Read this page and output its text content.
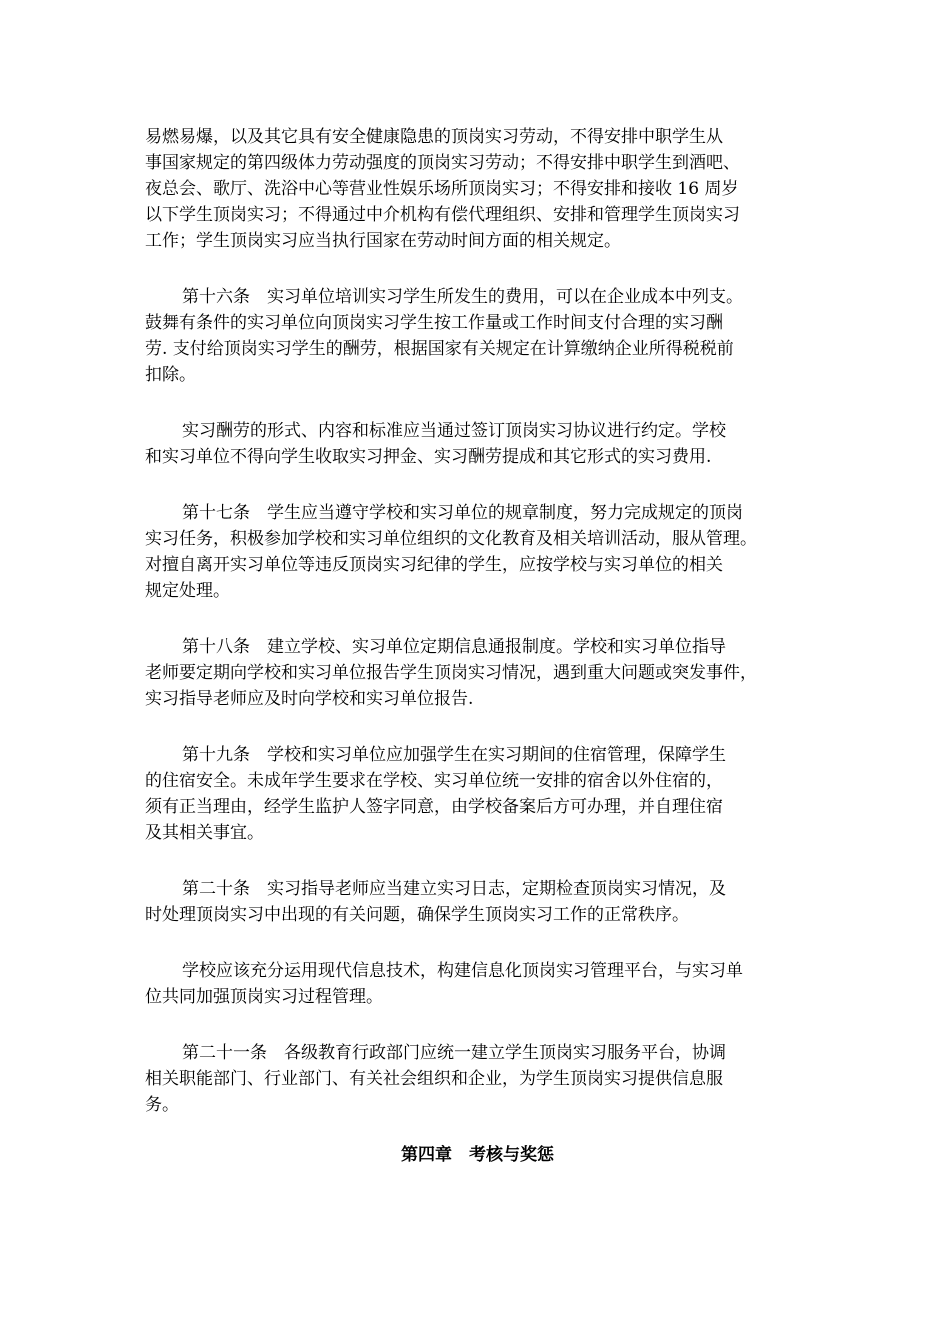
易燃易爆，以及其它具有安全健康隐患的顶岗实习劳动，不得安排中职学生从
事国家规定的第四级体力劳动强度的顶岗实习劳动；不得安排中职学生到酒吧、
夜总会、歌厅、洗浴中心等营业性娱乐场所顶岗实习；不得安排和接收 16 周岁
以下学生顶岗实习；不得通过中介机构有偿代理组织、安排和管理学生顶岗实习
工作；学生顶岗实习应当执行国家在劳动时间方面的相关规定。
第十六条　实习单位培训实习学生所发生的费用，可以在企业成本中列支。
鼓舞有条件的实习单位向顶岗实习学生按工作量或工作时间支付合理的实习酬
劳. 支付给顶岗实习学生的酬劳，根据国家有关规定在计算缴纳企业所得税税前
扣除。
实习酬劳的形式、内容和标准应当通过签订顶岗实习协议进行约定。学校
和实习单位不得向学生收取实习押金、实习酬劳提成和其它形式的实习费用.
第十七条　学生应当遵守学校和实习单位的规章制度，努力完成规定的顶岗
实习任务，积极参加学校和实习单位组织的文化教育及相关培训活动，服从管理。
对擅自离开实习单位等违反顶岗实习纪律的学生，应按学校与实习单位的相关
规定处理。
第十八条　建立学校、实习单位定期信息通报制度。学校和实习单位指导
老师要定期向学校和实习单位报告学生顶岗实习情况，遇到重大问题或突发事件，
实习指导老师应及时向学校和实习单位报告.
第十九条　学校和实习单位应加强学生在实习期间的住宿管理，保障学生
的住宿安全。未成年学生要求在学校、实习单位统一安排的宿舍以外住宿的，
须有正当理由，经学生监护人签字同意，由学校备案后方可办理，并自理住宿
及其相关事宜。
第二十条　实习指导老师应当建立实习日志，定期检查顶岗实习情况，及
时处理顶岗实习中出现的有关问题，确保学生顶岗实习工作的正常秩序。
学校应该充分运用现代信息技术，构建信息化顶岗实习管理平台，与实习单
位共同加强顶岗实习过程管理。
第二十一条　各级教育行政部门应统一建立学生顶岗实习服务平台，协调
相关职能部门、行业部门、有关社会组织和企业，为学生顶岗实习提供信息服
务。
第四章　考核与奖惩
